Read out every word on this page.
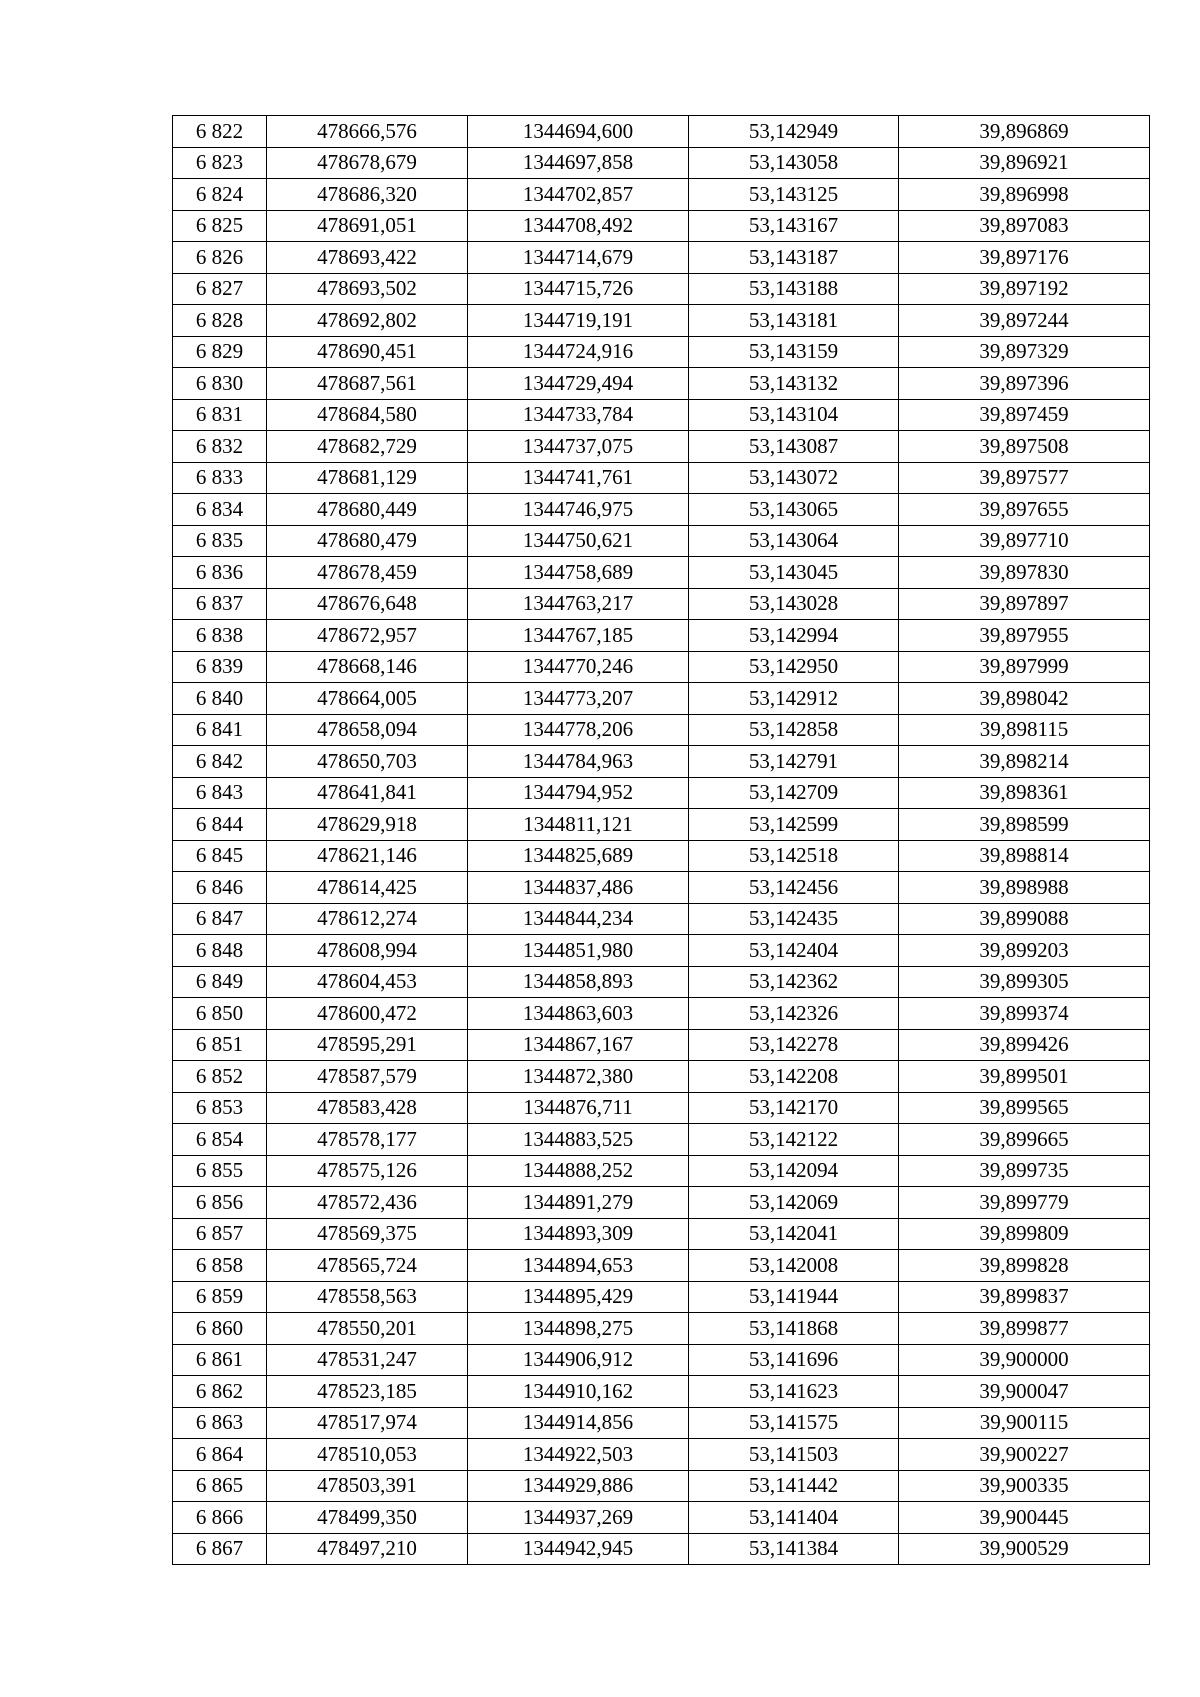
6 822	478666,576	1344694,600	53,142949	39,896869
6 823	478678,679	1344697,858	53,143058	39,896921
6 824	478686,320	1344702,857	53,143125	39,896998
6 825	478691,051	1344708,492	53,143167	39,897083
6 826	478693,422	1344714,679	53,143187	39,897176
6 827	478693,502	1344715,726	53,143188	39,897192
6 828	478692,802	1344719,191	53,143181	39,897244
6 829	478690,451	1344724,916	53,143159	39,897329
6 830	478687,561	1344729,494	53,143132	39,897396
6 831	478684,580	1344733,784	53,143104	39,897459
6 832	478682,729	1344737,075	53,143087	39,897508
6 833	478681,129	1344741,761	53,143072	39,897577
6 834	478680,449	1344746,975	53,143065	39,897655
6 835	478680,479	1344750,621	53,143064	39,897710
6 836	478678,459	1344758,689	53,143045	39,897830
6 837	478676,648	1344763,217	53,143028	39,897897
6 838	478672,957	1344767,185	53,142994	39,897955
6 839	478668,146	1344770,246	53,142950	39,897999
6 840	478664,005	1344773,207	53,142912	39,898042
6 841	478658,094	1344778,206	53,142858	39,898115
6 842	478650,703	1344784,963	53,142791	39,898214
6 843	478641,841	1344794,952	53,142709	39,898361
6 844	478629,918	1344811,121	53,142599	39,898599
6 845	478621,146	1344825,689	53,142518	39,898814
6 846	478614,425	1344837,486	53,142456	39,898988
6 847	478612,274	1344844,234	53,142435	39,899088
6 848	478608,994	1344851,980	53,142404	39,899203
6 849	478604,453	1344858,893	53,142362	39,899305
6 850	478600,472	1344863,603	53,142326	39,899374
6 851	478595,291	1344867,167	53,142278	39,899426
6 852	478587,579	1344872,380	53,142208	39,899501
6 853	478583,428	1344876,711	53,142170	39,899565
6 854	478578,177	1344883,525	53,142122	39,899665
6 855	478575,126	1344888,252	53,142094	39,899735
6 856	478572,436	1344891,279	53,142069	39,899779
6 857	478569,375	1344893,309	53,142041	39,899809
6 858	478565,724	1344894,653	53,142008	39,899828
6 859	478558,563	1344895,429	53,141944	39,899837
6 860	478550,201	1344898,275	53,141868	39,899877
6 861	478531,247	1344906,912	53,141696	39,900000
6 862	478523,185	1344910,162	53,141623	39,900047
6 863	478517,974	1344914,856	53,141575	39,900115
6 864	478510,053	1344922,503	53,141503	39,900227
6 865	478503,391	1344929,886	53,141442	39,900335
6 866	478499,350	1344937,269	53,141404	39,900445
6 867	478497,210	1344942,945	53,141384	39,900529
